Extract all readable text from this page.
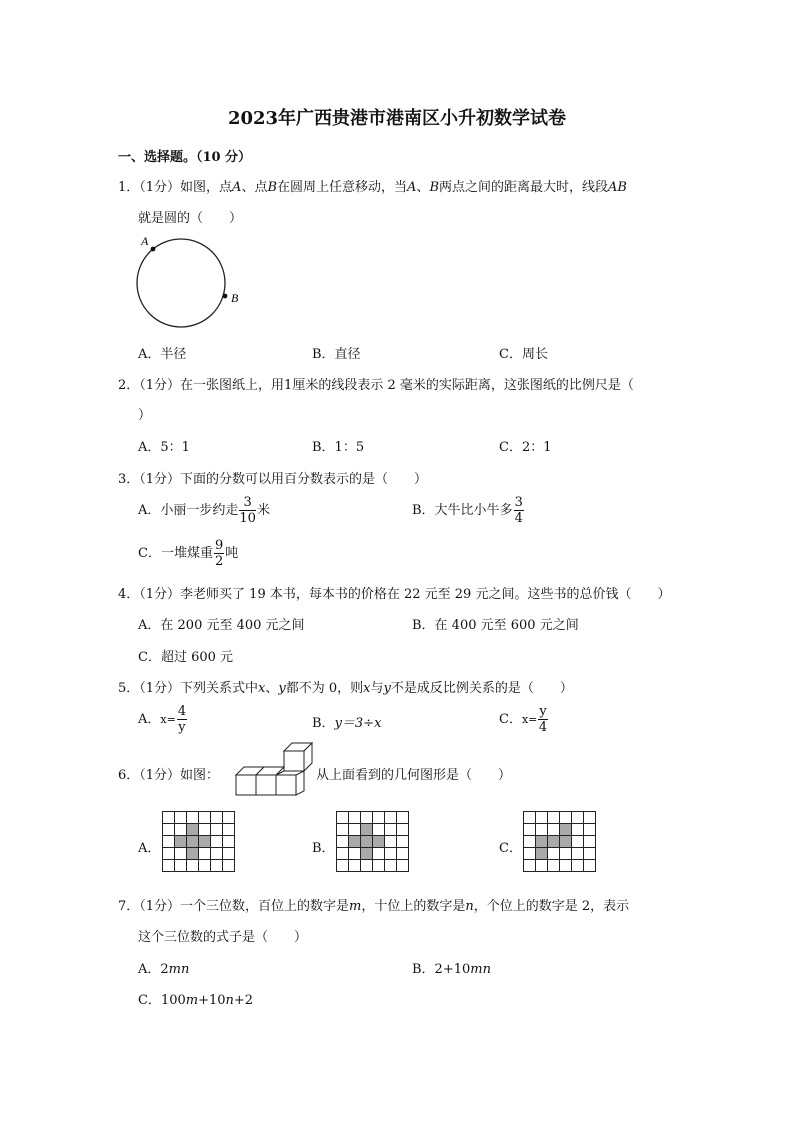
2023年广西贵港市港南区小升初数学试卷
一、选择题。（10 分）
1．（1分）如图，点A、点B在圆周上任意移动，当A、B两点之间的距离最大时，线段AB
就是圆的（　　）
A
B
A．半径	B．直径	C．周长
2．（1分）在一张图纸上，用1厘米的线段表示 2 毫米的实际距离，这张图纸的比例尺是（
）
A．5：1	B．1：5	C．2：1
3．（1分）下面的分数可以用百分数表示的是（　　）
A．小丽一步约走 $\frac{3}{10}$ 米	B．大牛比小牛多 $\frac{3}{4}$
C．一堆煤重 $\frac{9}{2}$ 吨
4．（1分）李老师买了 19 本书，每本书的价格在 22 元至 29 元之间。这些书的总价钱（　　）
A．在 200 元至 400 元之间	B．在 400 元至 600 元之间
C．超过 600 元
5．（1分）下列关系式中x、y都不为 0，则x与y不是成反比例关系的是（　　）
A．$x= \frac{4}{y}$	B．y＝3÷x	C．$x= \frac{y}{4}$
6．（1分）如图：	从上面看到的几何图形是（　　）
A．	B．	C．
7．（1分）一个三位数，百位上的数字是m，十位上的数字是n，个位上的数字是 2，表示
这个三位数的式子是（　　）
A．2mn	B．2+10mn
C．100m+10n+2
